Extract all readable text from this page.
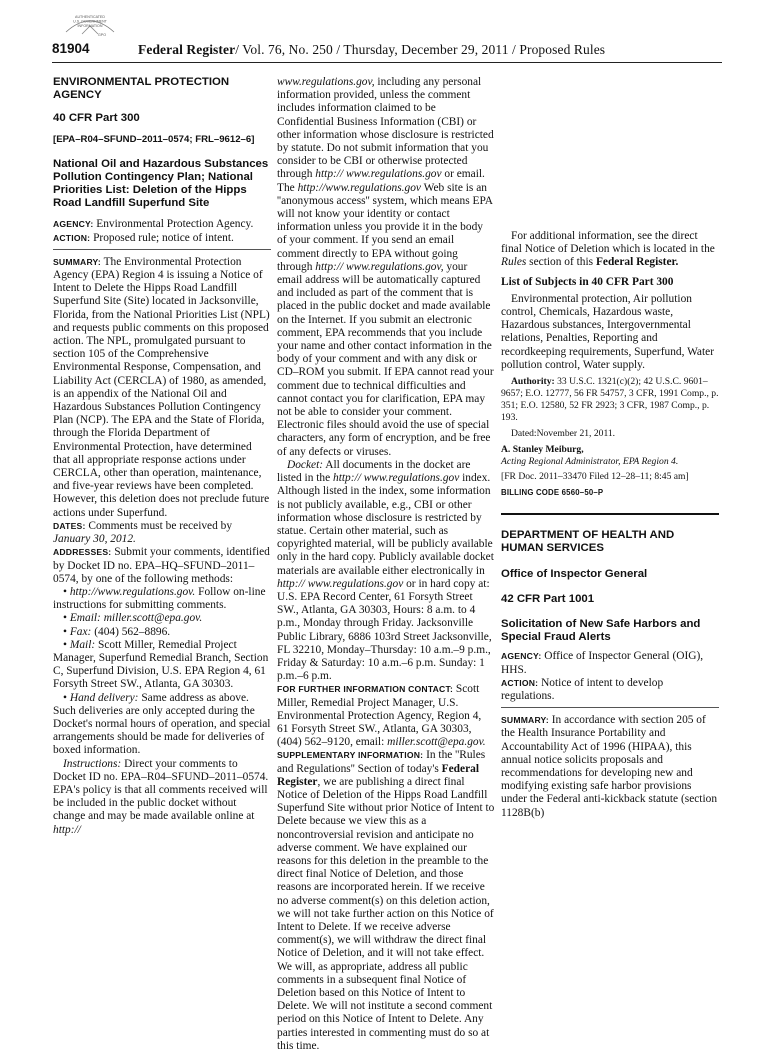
AUTHENTICATED
U.S. GOVERNMENT
INFORMATION
GPO
81904	Federal Register/ Vol. 76, No. 250 / Thursday, December 29, 2011 / Proposed Rules

ENVIRONMENTAL PROTECTION AGENCY

40 CFR Part 300

[EPA–R04–SFUND–2011–0574; FRL–9612–6]

National Oil and Hazardous Substances Pollution Contingency Plan; National Priorities List: Deletion of the Hipps Road Landfill Superfund Site

AGENCY: Environmental Protection Agency.

ACTION: Proposed rule; notice of intent.

SUMMARY: The Environmental Protection Agency (EPA) Region 4 is issuing a Notice of Intent to Delete the Hipps Road Landfill Superfund Site (Site) located in Jacksonville, Florida, from the National Priorities List (NPL) and requests public comments on this proposed action. The NPL, promulgated pursuant to section 105 of the Comprehensive Environmental Response, Compensation, and Liability Act (CERCLA) of 1980, as amended, is an appendix of the National Oil and Hazardous Substances Pollution Contingency Plan (NCP). The EPA and the State of Florida, through the Florida Department of Environmental Protection, have determined that all appropriate response actions under CERCLA, other than operation, maintenance, and five-year reviews have been completed. However, this deletion does not preclude future actions under Superfund.

DATES: Comments must be received by January 30, 2012.

ADDRESSES: Submit your comments, identified by Docket ID no. EPA–HQ–SFUND–2011–0574, by one of the following methods:

• http://www.regulations.gov. Follow on-line instructions for submitting comments.

• Email: miller.scott@epa.gov.

• Fax: (404) 562–8896.

• Mail: Scott Miller, Remedial Project Manager, Superfund Remedial Branch, Section C, Superfund Division, U.S. EPA Region 4, 61 Forsyth Street SW., Atlanta, GA 30303.

• Hand delivery: Same address as above. Such deliveries are only accepted during the Docket's normal hours of operation, and special arrangements should be made for deliveries of boxed information.

Instructions: Direct your comments to Docket ID no. EPA–R04–SFUND–2011–0574. EPA's policy is that all comments received will be included in the public docket without change and may be made available online at http://

www.regulations.gov, including any personal information provided, unless the comment includes information claimed to be Confidential Business Information (CBI) or other information whose disclosure is restricted by statute. Do not submit information that you consider to be CBI or otherwise protected through http:// www.regulations.gov or email. The http://www.regulations.gov Web site is an ''anonymous access'' system, which means EPA will not know your identity or contact information unless you provide it in the body of your comment. If you send an email comment directly to EPA without going through http:// www.regulations.gov, your email address will be automatically captured and included as part of the comment that is placed in the public docket and made available on the Internet. If you submit an electronic comment, EPA recommends that you include your name and other contact information in the body of your comment and with any disk or CD–ROM you submit. If EPA cannot read your comment due to technical difficulties and cannot contact you for clarification, EPA may not be able to consider your comment. Electronic files should avoid the use of special characters, any form of encryption, and be free of any defects or viruses.

Docket: All documents in the docket are listed in the http:// www.regulations.gov index. Although listed in the index, some information is not publicly available, e.g., CBI or other information whose disclosure is restricted by statue. Certain other material, such as copyrighted material, will be publicly available only in the hard copy. Publicly available docket materials are available either electronically in http:// www.regulations.gov or in hard copy at: U.S. EPA Record Center, 61 Forsyth Street SW., Atlanta, GA 30303, Hours: 8 a.m. to 4 p.m., Monday through Friday. Jacksonville Public Library, 6886 103rd Street Jacksonville, FL 32210, Monday–Thursday: 10 a.m.–9 p.m., Friday & Saturday: 10 a.m.–6 p.m. Sunday: 1 p.m.–6 p.m.

FOR FURTHER INFORMATION CONTACT: Scott Miller, Remedial Project Manager, U.S. Environmental Protection Agency, Region 4, 61 Forsyth Street SW., Atlanta, GA 30303, (404) 562–9120, email: miller.scott@epa.gov.

SUPPLEMENTARY INFORMATION: In the ''Rules and Regulations'' Section of today's Federal Register, we are publishing a direct final Notice of Deletion of the Hipps Road Landfill Superfund Site without prior Notice of Intent to Delete because we view this as a noncontroversial revision and anticipate no adverse comment. We have explained our reasons for this deletion in the preamble to the direct final Notice of Deletion, and those reasons are incorporated herein. If we receive no adverse comment(s) on this deletion action, we will not take further action on this Notice of Intent to Delete. If we receive adverse comment(s), we will withdraw the direct final Notice of Deletion, and it will not take effect. We will, as appropriate, address all public comments in a subsequent final Notice of Deletion based on this Notice of Intent to Delete. We will not institute a second comment period on this Notice of Intent to Delete. Any parties interested in commenting must do so at this time.

For additional information, see the direct final Notice of Deletion which is located in the Rules section of this Federal Register.

List of Subjects in 40 CFR Part 300

Environmental protection, Air pollution control, Chemicals, Hazardous waste, Hazardous substances, Intergovernmental relations, Penalties, Reporting and recordkeeping requirements, Superfund, Water pollution control, Water supply.

Authority: 33 U.S.C. 1321(c)(2); 42 U.S.C. 9601–9657; E.O. 12777, 56 FR 54757, 3 CFR, 1991 Comp., p. 351; E.O. 12580, 52 FR 2923; 3 CFR, 1987 Comp., p. 193.

Dated:November 21, 2011.

A. Stanley Meiburg,

Acting Regional Administrator, EPA Region 4.

[FR Doc. 2011–33470 Filed 12–28–11; 8:45 am]

BILLING CODE 6560–50–P

DEPARTMENT OF HEALTH AND HUMAN SERVICES

Office of Inspector General

42 CFR Part 1001

Solicitation of New Safe Harbors and Special Fraud Alerts

AGENCY: Office of Inspector General (OIG), HHS.

ACTION: Notice of intent to develop regulations.

SUMMARY: In accordance with section 205 of the Health Insurance Portability and Accountability Act of 1996 (HIPAA), this annual notice solicits proposals and recommendations for developing new and modifying existing safe harbor provisions under the Federal anti-kickback statute (section 1128B(b)
